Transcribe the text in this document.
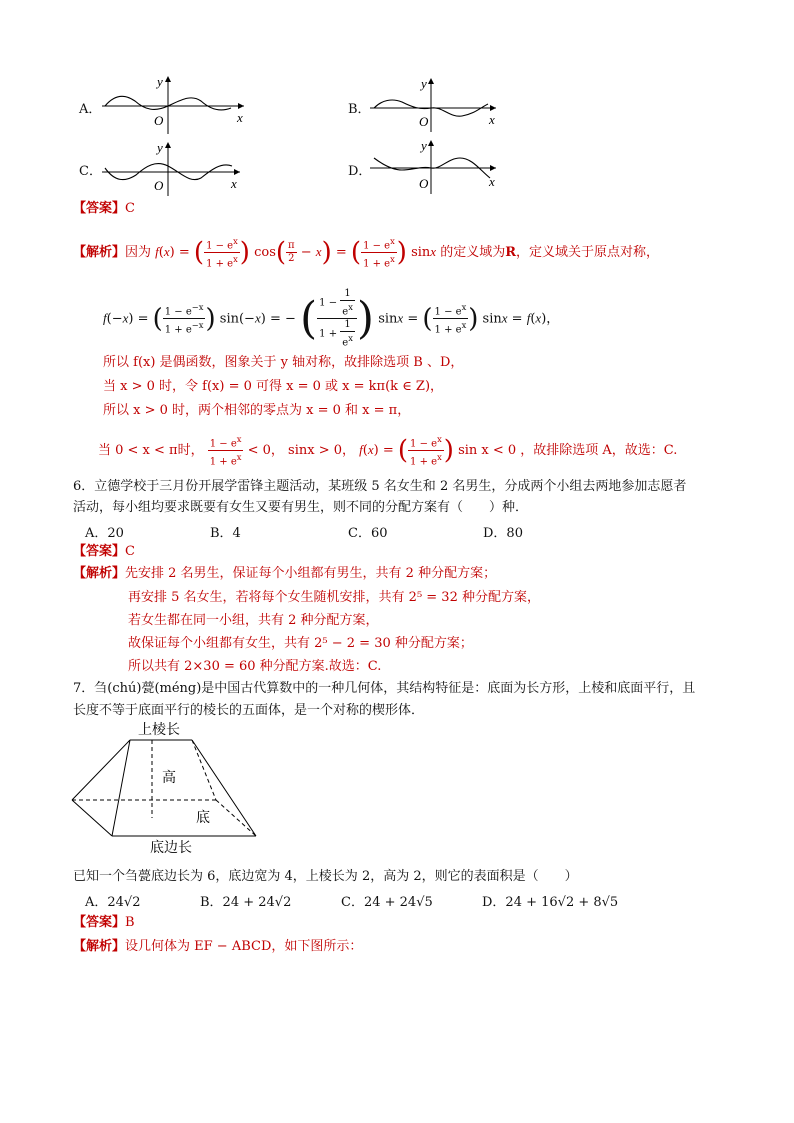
A．
y
O	x
B．
y
O	x
C．
y
O	x
D．
y
O	x
【答案】C
【解析】因为 f(x) = ( $\frac{1 - e^x}{1 + e^x}$ ) $\cos( \frac{\pi}{2} - x)$ = ( $\frac{1 - e^x}{1 + e^x}$ ) sinx 的定义域为R，定义域关于原点对称，
f(−x) = ( $\frac{1 - e^{-x}}{1 + e^{-x}}$ ) sin(−x) = − ( $\frac{1 - \frac{1}{e^x}}{1 + \frac{1}{e^x}}$ ) sinx = ( $\frac{1 - e^x}{1 + e^x}$ ) sinx = f(x)，
所以 f(x) 是偶函数，图象关于 y 轴对称，故排除选项 B 、D，
当 x > 0 时，令 f(x) = 0 可得 x = 0 或 x = kπ(k ∈ Z)，
所以 x > 0 时，两个相邻的零点为 x = 0 和 x = π，
当 0 < x < π时， $\frac{1 - e^x}{1 + e^x} < 0$， sinx > 0， f(x) = ( $\frac{1 - e^x}{1 + e^x}$ ) sin x < 0 ，故排除选项 A，故选：C.
6．立德学校于三月份开展学雷锋主题活动，某班级 5 名女生和 2 名男生，分成两个小组去两地参加志愿者
活动，每小组均要求既要有女生又要有男生，则不同的分配方案有（　　）种．
A．20	B．4	C．60	D．80
【答案】C
【解析】先安排 2 名男生，保证每个小组都有男生，共有 2 种分配方案；
再安排 5 名女生，若将每个女生随机安排，共有 2⁵ = 32 种分配方案，
若女生都在同一小组，共有 2 种分配方案，
故保证每个小组都有女生，共有 2⁵ − 2 = 30 种分配方案；
所以共有 2×30 = 60 种分配方案.故选：C.
7．刍(chú)甍(méng)是中国古代算数中的一种几何体，其结构特征是：底面为长方形，上棱和底面平行，且
长度不等于底面平行的棱长的五面体，是一个对称的楔形体．
上棱长
高
底
底边长
已知一个刍甍底边长为 6，底边宽为 4，上棱长为 2，高为 2，则它的表面积是（　　）
A．24√2	B．24 + 24√2	C．24 + 24√5	D．24 + 16√2 + 8√5
【答案】B
【解析】设几何体为 EF − ABCD，如下图所示：
